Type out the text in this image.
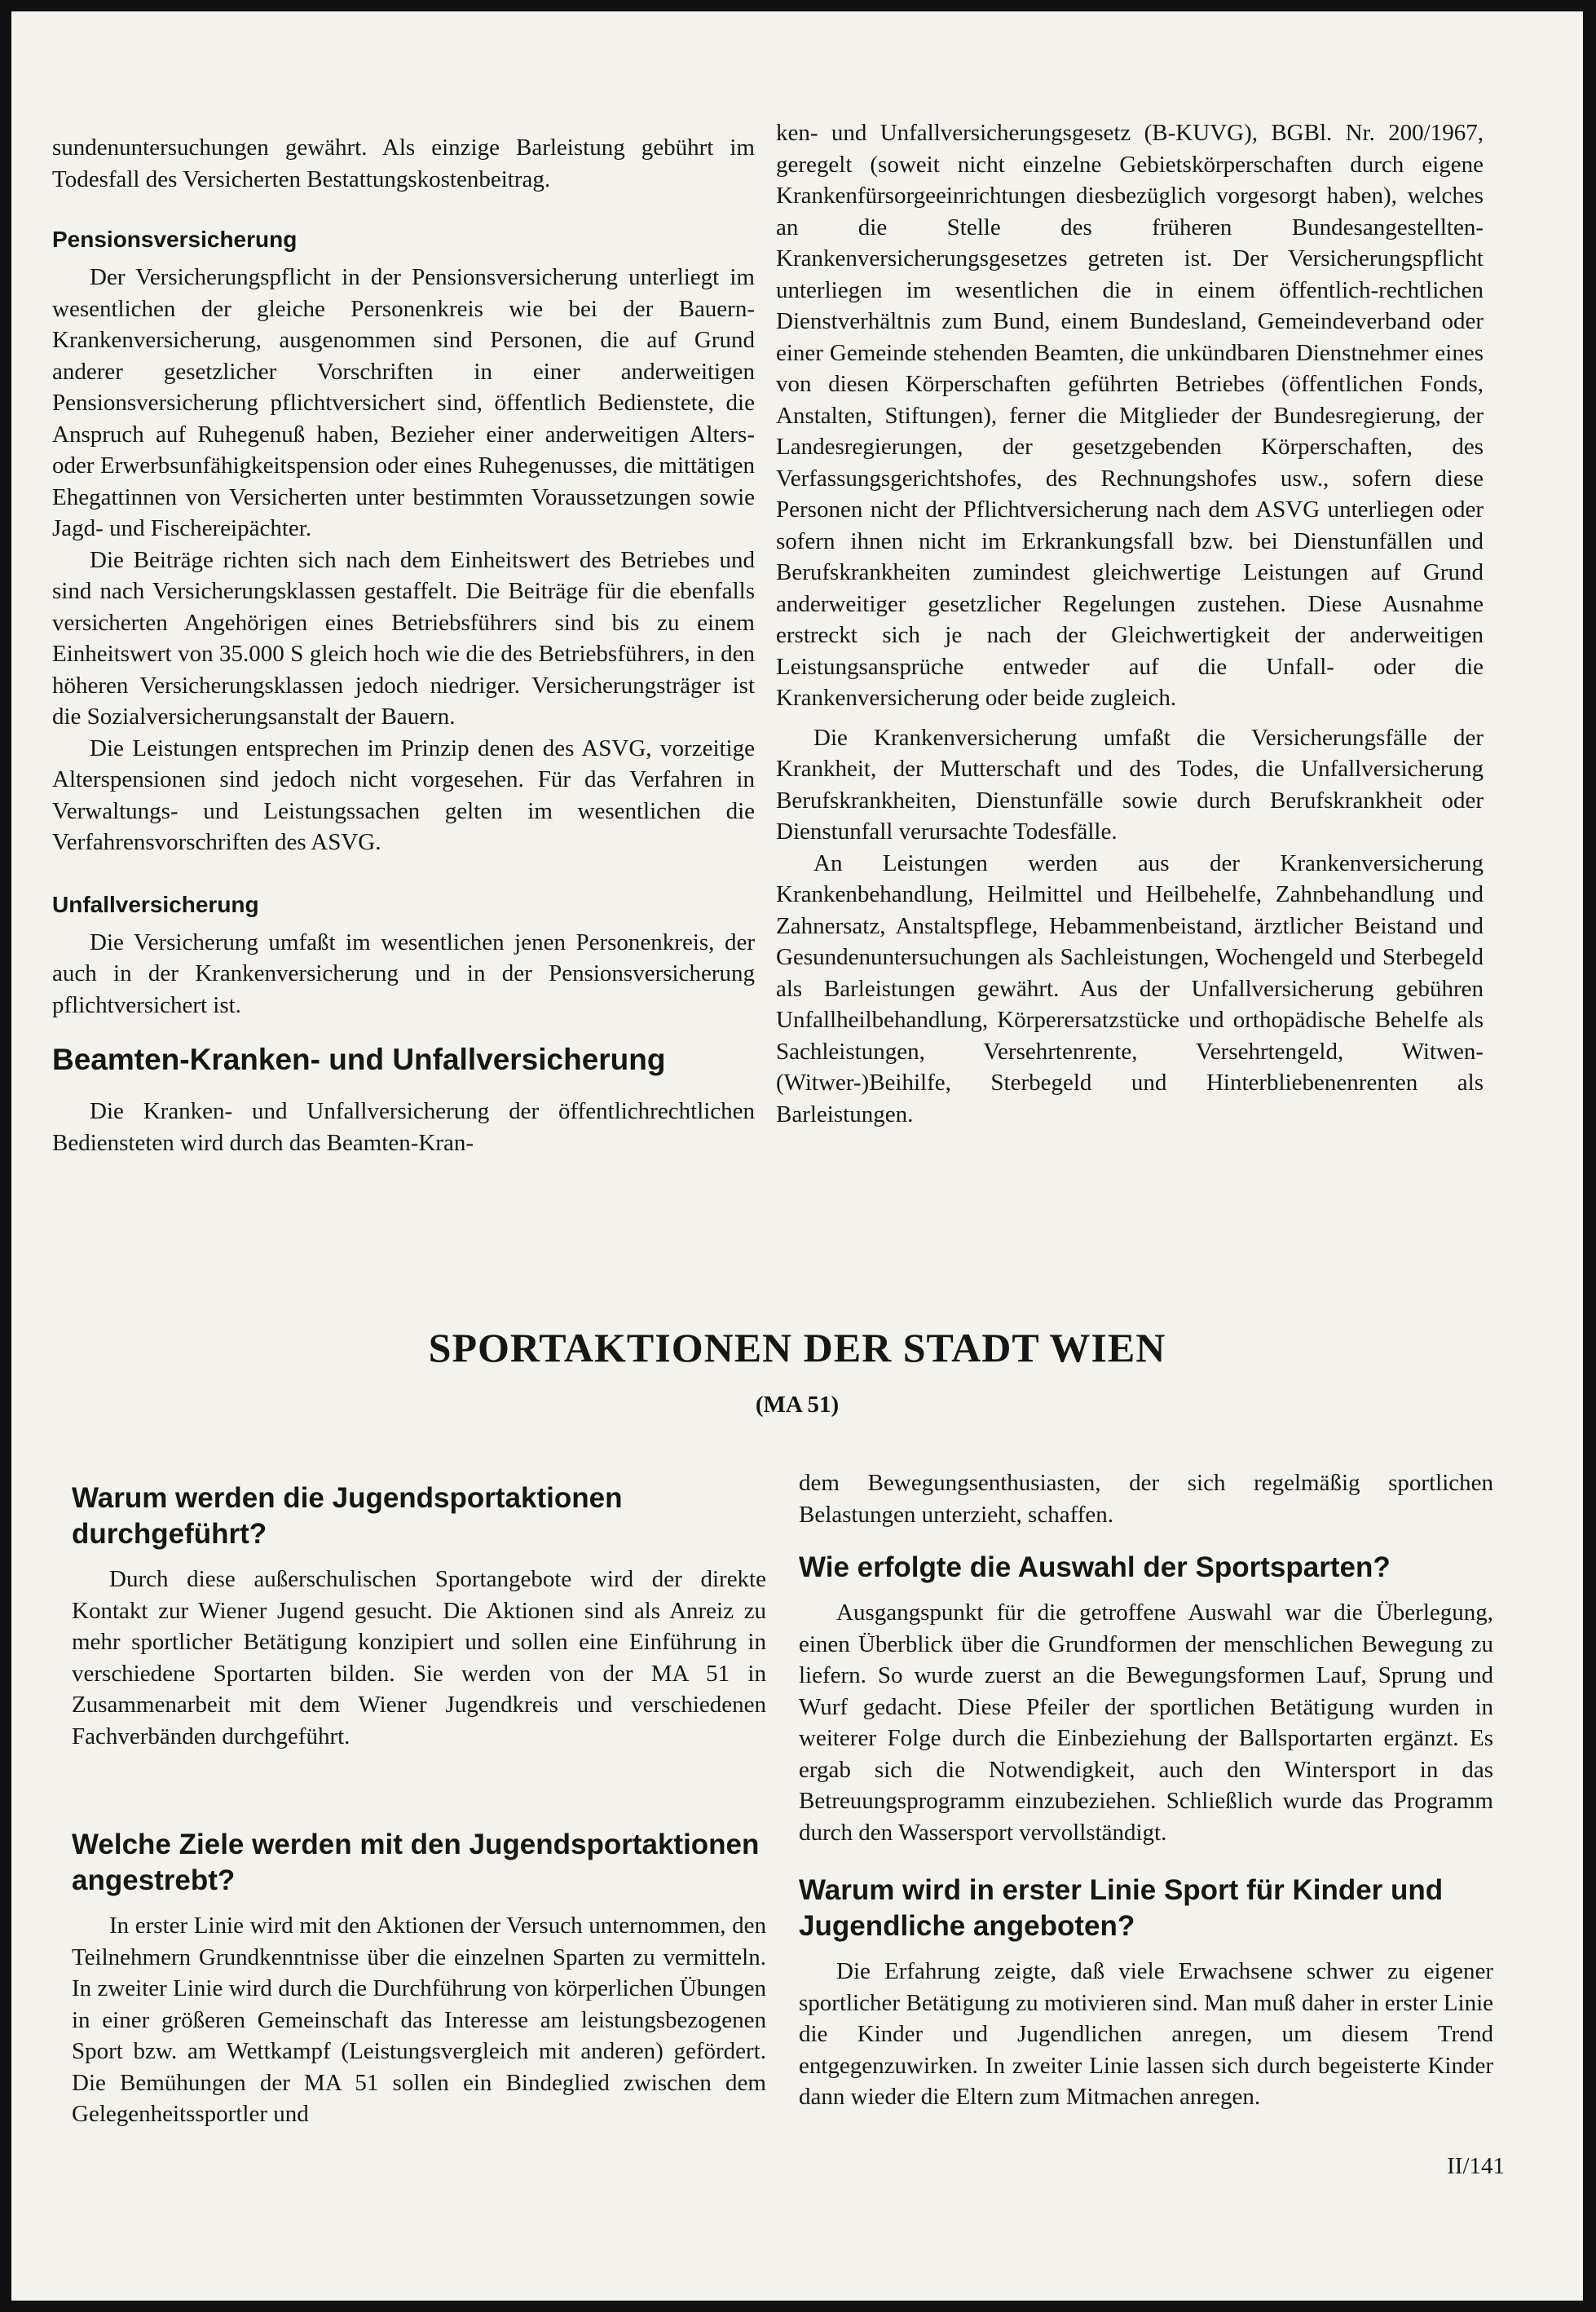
sundenuntersuchungen gewährt. Als einzige Barleistung gebührt im Todesfall des Versicherten Bestattungskostenbeitrag.

Pensionsversicherung

Der Versicherungspflicht in der Pensionsversicherung unterliegt im wesentlichen der gleiche Personenkreis wie bei der Bauern-Krankenversicherung, ausgenommen sind Personen, die auf Grund anderer gesetzlicher Vorschriften in einer anderweitigen Pensionsversicherung pflichtversichert sind, öffentlich Bedienstete, die Anspruch auf Ruhegenuß haben, Bezieher einer anderweitigen Alters- oder Erwerbsunfähigkeitspension oder eines Ruhegenusses, die mittätigen Ehegattinnen von Versicherten unter bestimmten Voraussetzungen sowie Jagd- und Fischereipächter.

Die Beiträge richten sich nach dem Einheitswert des Betriebes und sind nach Versicherungsklassen gestaffelt. Die Beiträge für die ebenfalls versicherten Angehörigen eines Betriebsführers sind bis zu einem Einheitswert von 35.000 S gleich hoch wie die des Betriebsführers, in den höheren Versicherungsklassen jedoch niedriger. Versicherungsträger ist die Sozialversicherungsanstalt der Bauern.

Die Leistungen entsprechen im Prinzip denen des ASVG, vorzeitige Alterspensionen sind jedoch nicht vorgesehen. Für das Verfahren in Verwaltungs- und Leistungssachen gelten im wesentlichen die Verfahrensvorschriften des ASVG.

Unfallversicherung

Die Versicherung umfaßt im wesentlichen jenen Personenkreis, der auch in der Krankenversicherung und in der Pensionsversicherung pflichtversichert ist.

Beamten-Kranken- und Unfallversicherung

Die Kranken- und Unfallversicherung der öffentlichrechtlichen Bediensteten wird durch das Beamten-Kran-

ken- und Unfallversicherungsgesetz (B-KUVG), BGBl. Nr. 200/1967, geregelt (soweit nicht einzelne Gebietskörperschaften durch eigene Krankenfürsorgeeinrichtungen diesbezüglich vorgesorgt haben), welches an die Stelle des früheren Bundesangestellten-Krankenversicherungsgesetzes getreten ist. Der Versicherungspflicht unterliegen im wesentlichen die in einem öffentlich-rechtlichen Dienstverhältnis zum Bund, einem Bundesland, Gemeindeverband oder einer Gemeinde stehenden Beamten, die unkündbaren Dienstnehmer eines von diesen Körperschaften geführten Betriebes (öffentlichen Fonds, Anstalten, Stiftungen), ferner die Mitglieder der Bundesregierung, der Landesregierungen, der gesetzgebenden Körperschaften, des Verfassungsgerichtshofes, des Rechnungshofes usw., sofern diese Personen nicht der Pflichtversicherung nach dem ASVG unterliegen oder sofern ihnen nicht im Erkrankungsfall bzw. bei Dienstunfällen und Berufskrankheiten zumindest gleichwertige Leistungen auf Grund anderweitiger gesetzlicher Regelungen zustehen. Diese Ausnahme erstreckt sich je nach der Gleichwertigkeit der anderweitigen Leistungsansprüche entweder auf die Unfall- oder die Krankenversicherung oder beide zugleich.

Die Krankenversicherung umfaßt die Versicherungsfälle der Krankheit, der Mutterschaft und des Todes, die Unfallversicherung Berufskrankheiten, Dienstunfälle sowie durch Berufskrankheit oder Dienstunfall verursachte Todesfälle.

An Leistungen werden aus der Krankenversicherung Krankenbehandlung, Heilmittel und Heilbehelfe, Zahnbehandlung und Zahnersatz, Anstaltspflege, Hebammenbeistand, ärztlicher Beistand und Gesundenuntersuchungen als Sachleistungen, Wochengeld und Sterbegeld als Barleistungen gewährt. Aus der Unfallversicherung gebühren Unfallheilbehandlung, Körperersatzstücke und orthopädische Behelfe als Sachleistungen, Versehrtenrente, Versehrtengeld, Witwen-(Witwer-)Beihilfe, Sterbegeld und Hinterbliebenenrenten als Barleistungen.

SPORTAKTIONEN DER STADT WIEN
(MA 51)
Warum werden die Jugendsportaktionen durchgeführt?

Durch diese außerschulischen Sportangebote wird der direkte Kontakt zur Wiener Jugend gesucht. Die Aktionen sind als Anreiz zu mehr sportlicher Betätigung konzipiert und sollen eine Einführung in verschiedene Sportarten bilden. Sie werden von der MA 51 in Zusammenarbeit mit dem Wiener Jugendkreis und verschiedenen Fachverbänden durchgeführt.

Welche Ziele werden mit den Jugendsportaktionen angestrebt?

In erster Linie wird mit den Aktionen der Versuch unternommen, den Teilnehmern Grundkenntnisse über die einzelnen Sparten zu vermitteln. In zweiter Linie wird durch die Durchführung von körperlichen Übungen in einer größeren Gemeinschaft das Interesse am leistungsbezogenen Sport bzw. am Wettkampf (Leistungsvergleich mit anderen) gefördert. Die Bemühungen der MA 51 sollen ein Bindeglied zwischen dem Gelegenheitssportler und

dem Bewegungsenthusiasten, der sich regelmäßig sportlichen Belastungen unterzieht, schaffen.

Wie erfolgte die Auswahl der Sportsparten?

Ausgangspunkt für die getroffene Auswahl war die Überlegung, einen Überblick über die Grundformen der menschlichen Bewegung zu liefern. So wurde zuerst an die Bewegungsformen Lauf, Sprung und Wurf gedacht. Diese Pfeiler der sportlichen Betätigung wurden in weiterer Folge durch die Einbeziehung der Ballsportarten ergänzt. Es ergab sich die Notwendigkeit, auch den Wintersport in das Betreuungsprogramm einzubeziehen. Schließlich wurde das Programm durch den Wassersport vervollständigt.

Warum wird in erster Linie Sport für Kinder und Jugendliche angeboten?

Die Erfahrung zeigte, daß viele Erwachsene schwer zu eigener sportlicher Betätigung zu motivieren sind. Man muß daher in erster Linie die Kinder und Jugendlichen anregen, um diesem Trend entgegenzuwirken. In zweiter Linie lassen sich durch begeisterte Kinder dann wieder die Eltern zum Mitmachen anregen.

II/141
